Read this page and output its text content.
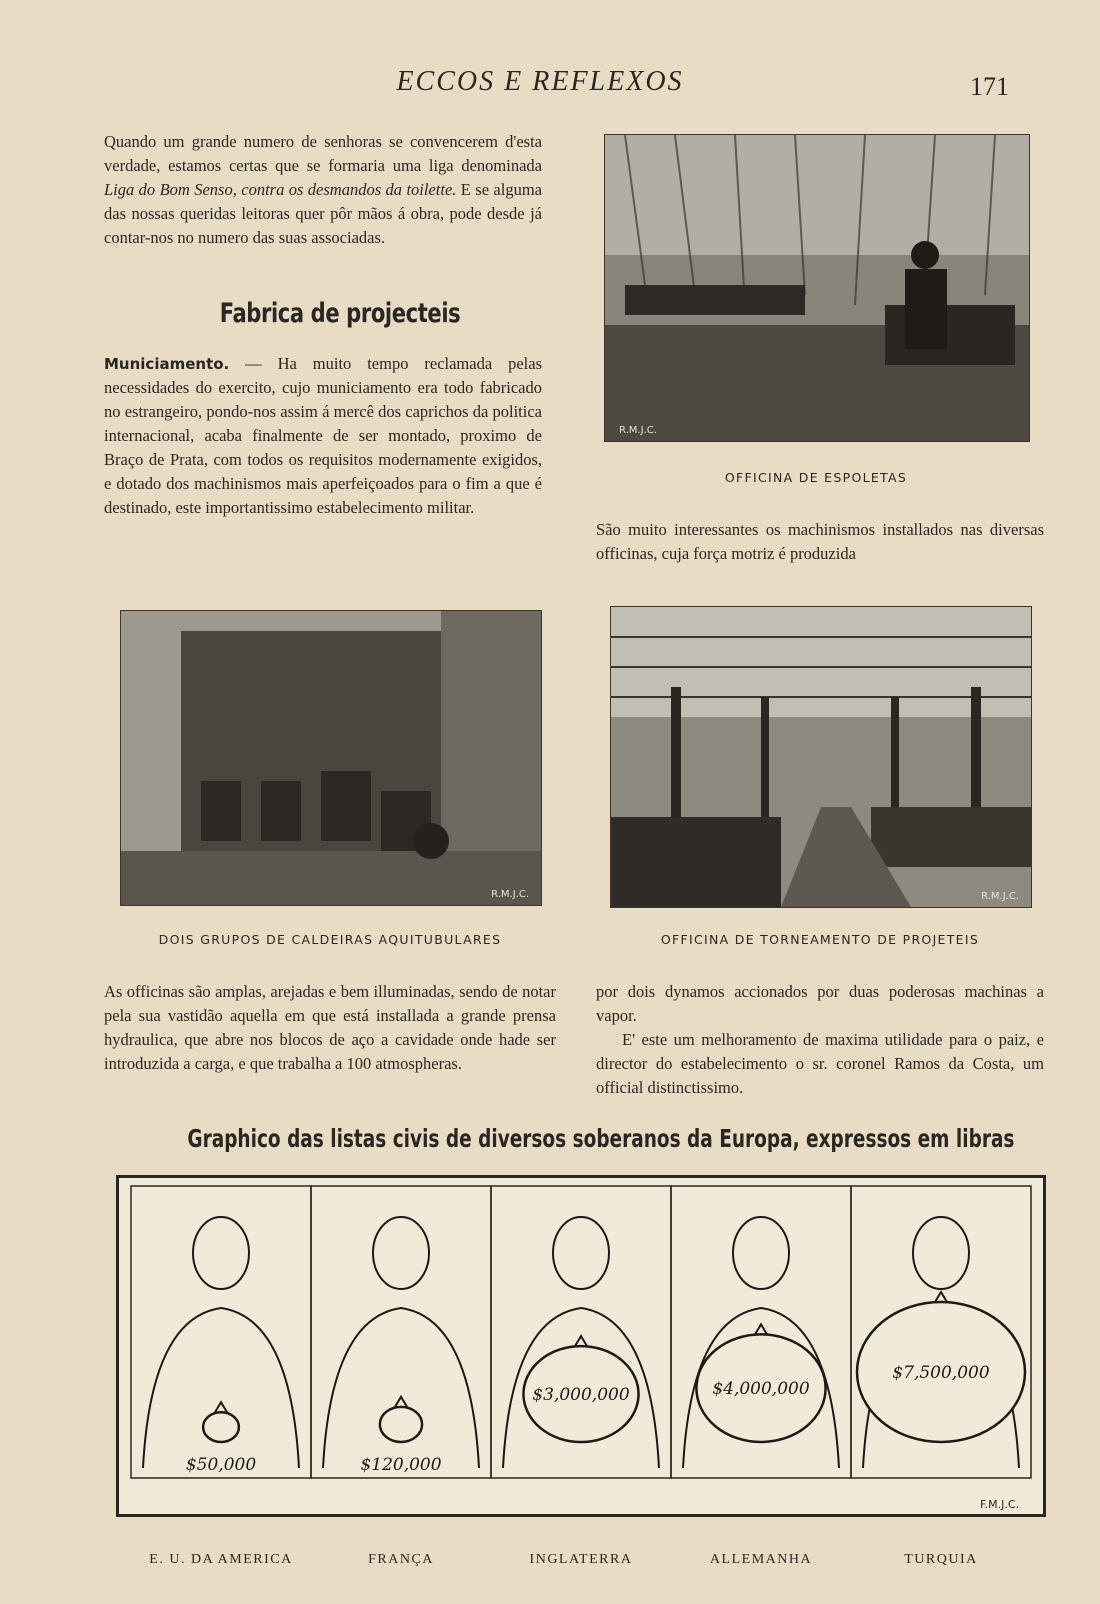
ECCOS E REFLEXOS	171
Quando um grande numero de senhoras se convencerem d'esta verdade, estamos certas que se formaria uma liga denominada Liga do Bom Senso, contra os desmandos da toilette. E se alguma das nossas queridas leitoras quer pôr mãos á obra, pode desde já contar-nos no numero das suas associadas.
Fabrica de projecteis
Municiamento. — Ha muito tempo reclamada pelas necessidades do exercito, cujo municiamento era todo fabricado no estrangeiro, pondo-nos assim á mercê dos caprichos da politica internacional, acaba finalmente de ser montado, proximo de Braço de Prata, com todos os requisitos modernamente exigidos, e dotado dos machinismos mais aperfeiçoados para o fim a que é destinado, este importantissimo estabelecimento militar.
R.M.J.C.
OFFICINA DE ESPOLETAS
São muito interessantes os machinismos installados nas diversas officinas, cuja força motriz é produzida
R.M.J.C.
DOIS GRUPOS DE CALDEIRAS AQUITUBULARES
R.M.J.C.
OFFICINA DE TORNEAMENTO DE PROJETEIS
As officinas são amplas, arejadas e bem illuminadas, sendo de notar pela sua vastidão aquella em que está installada a grande prensa hydraulica, que abre nos blocos de aço a cavidade onde hade ser introduzida a carga, e que trabalha a 100 atmospheras.
por dois dynamos accionados por duas poderosas machinas a vapor.
E' este um melhoramento de maxima utilidade para o paiz, e director do estabelecimento o sr. coronel Ramos da Costa, um official distinctissimo.
Graphico das listas civis de diversos soberanos da Europa, expressos em libras
$50,000	$120,000
$3,000,000	$4,000,000
$7,500,000
F.M.J.C.
E. U. DA AMERICA	FRANÇA	INGLATERRA	ALLEMANHA	TURQUIA
